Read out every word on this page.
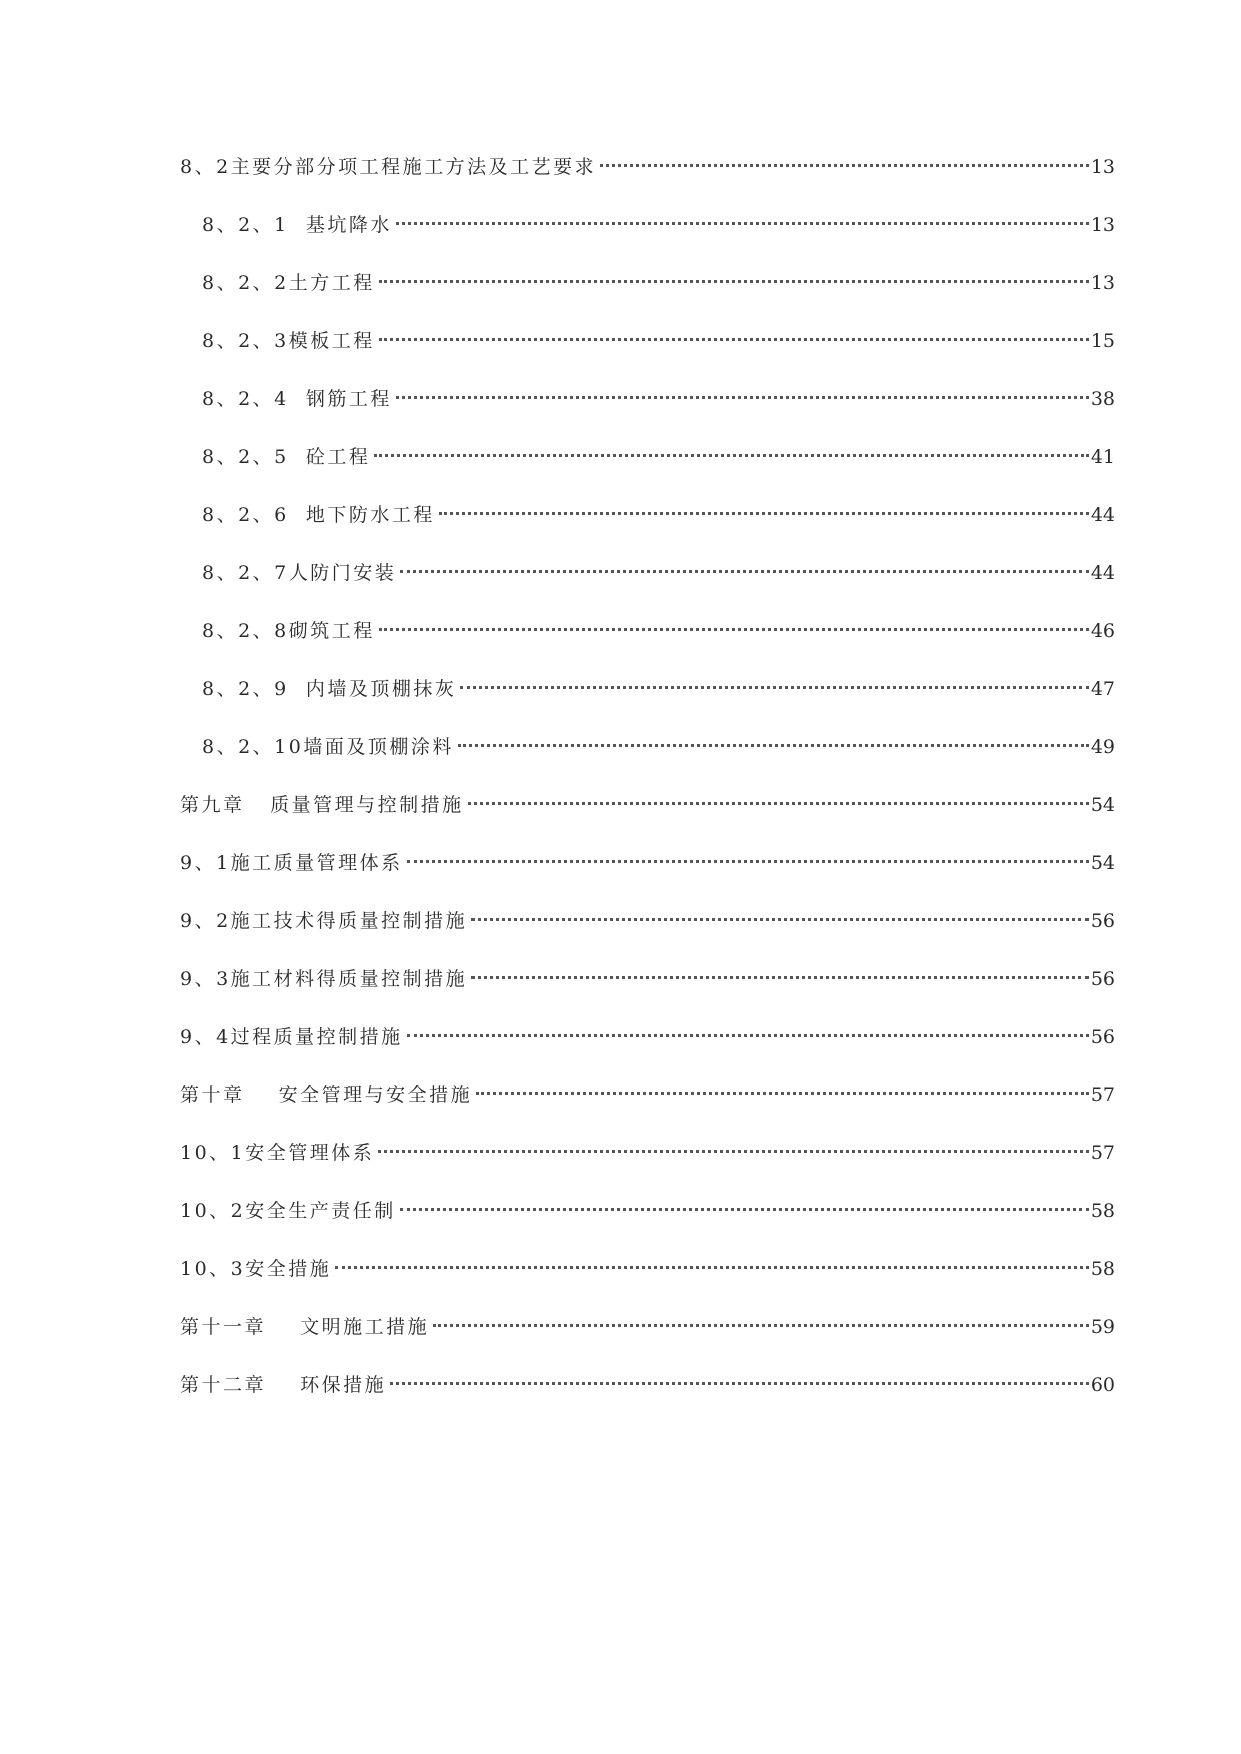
8、2主要分部分项工程施工方法及工艺要求	13
8、2、1  基坑降水	13
8、2、2土方工程	13
8、2、3模板工程	15
8、2、4  钢筋工程	38
8、2、5  砼工程	41
8、2、6  地下防水工程	44
8、2、7人防门安装	44
8、2、8砌筑工程	46
8、2、9  内墙及顶棚抹灰	47
8、2、10墙面及顶棚涂料	49
第九章   质量管理与控制措施	54
9、1施工质量管理体系	54
9、2施工技术得质量控制措施	56
9、3施工材料得质量控制措施	56
9、4过程质量控制措施	56
第十章    安全管理与安全措施	57
10、1安全管理体系	57
10、2安全生产责任制	58
10、3安全措施	58
第十一章    文明施工措施	59
第十二章    环保措施	60
